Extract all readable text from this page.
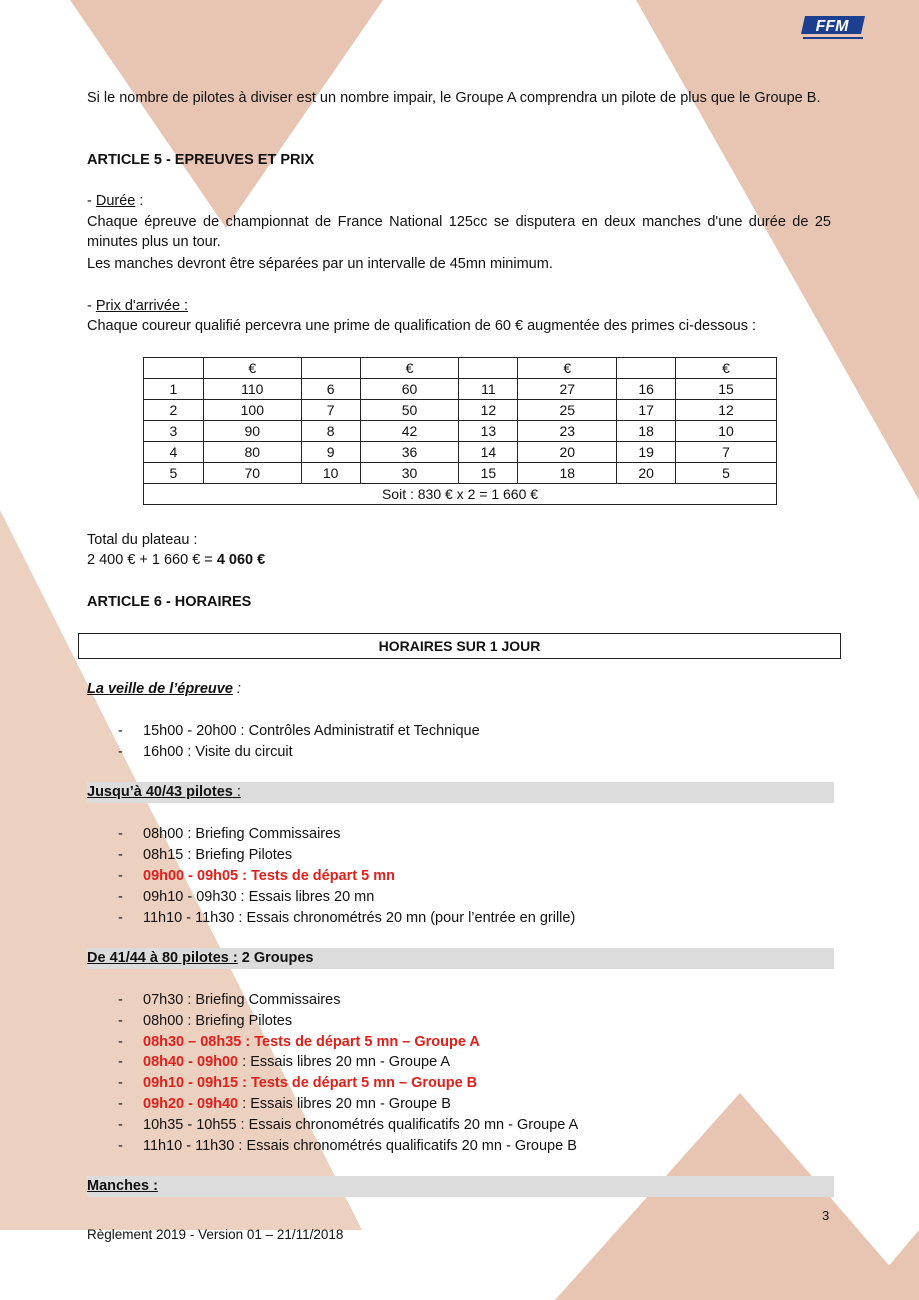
FFM
Si le nombre de pilotes à diviser est un nombre impair, le Groupe A comprendra un pilote de plus que le Groupe B.
ARTICLE 5 - EPREUVES ET PRIX
- Durée :
Chaque épreuve de championnat de France National 125cc se disputera en deux manches d'une durée de 25 minutes plus un tour.
Les manches devront être séparées par un intervalle de 45mn minimum.
- Prix d'arrivée :
Chaque coureur qualifié percevra une prime de qualification de 60 € augmentée des primes ci-dessous :
	€		€		€		€
1	110	6	60	11	27	16	15
2	100	7	50	12	25	17	12
3	90	8	42	13	23	18	10
4	80	9	36	14	20	19	7
5	70	10	30	15	18	20	5
Soit : 830 € x 2 = 1 660 €							
Total du plateau :
2 400 € + 1 660 € = 4 060 €
ARTICLE 6 - HORAIRES
HORAIRES SUR 1 JOUR
La veille de l’épreuve :
- 15h00 - 20h00 : Contrôles Administratif et Technique
- 16h00 : Visite du circuit
Jusqu’à 40/43 pilotes :
- 08h00 : Briefing Commissaires
- 08h15 : Briefing Pilotes
- 09h00 - 09h05 : Tests de départ 5 mn
- 09h10 - 09h30 : Essais libres 20 mn
- 11h10 - 11h30 : Essais chronométrés 20 mn (pour l’entrée en grille)
De 41/44 à 80 pilotes : 2 Groupes
- 07h30 : Briefing Commissaires
- 08h00 : Briefing Pilotes
- 08h30 – 08h35 : Tests de départ 5 mn – Groupe A
- 08h40 - 09h00 : Essais libres 20 mn - Groupe A
- 09h10 - 09h15 : Tests de départ 5 mn – Groupe B
- 09h20 - 09h40 : Essais libres 20 mn - Groupe B
- 10h35 - 10h55 : Essais chronométrés qualificatifs 20 mn - Groupe A
- 11h10 - 11h30 : Essais chronométrés qualificatifs 20 mn - Groupe B
Manches :
3
Règlement 2019 - Version 01 – 21/11/2018
